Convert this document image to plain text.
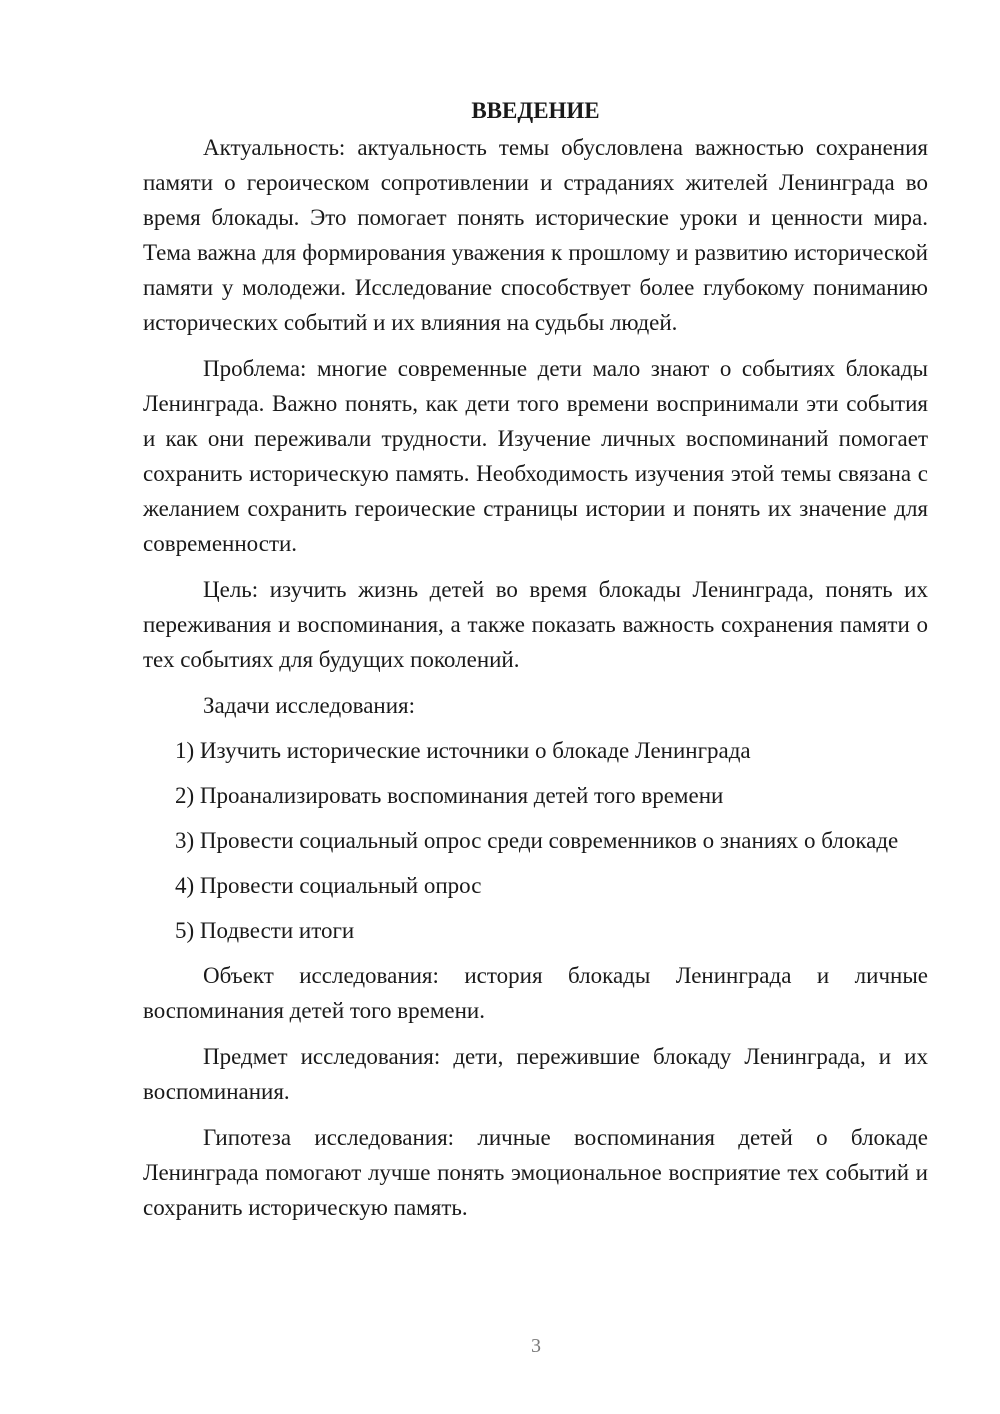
ВВЕДЕНИЕ

Актуальность: актуальность темы обусловлена важностью сохранения памяти о героическом сопротивлении и страданиях жителей Ленинграда во время блокады. Это помогает понять исторические уроки и ценности мира. Тема важна для формирования уважения к прошлому и развитию исторической памяти у молодежи. Исследование способствует более глубокому пониманию исторических событий и их влияния на судьбы людей.

Проблема: многие современные дети мало знают о событиях блокады Ленинграда. Важно понять, как дети того времени воспринимали эти события и как они переживали трудности. Изучение личных воспоминаний помогает сохранить историческую память. Необходимость изучения этой темы связана с желанием сохранить героические страницы истории и понять их значение для современности.

Цель: изучить жизнь детей во время блокады Ленинграда, понять их переживания и воспоминания, а также показать важность сохранения памяти о тех событиях для будущих поколений.

Задачи исследования:

1) Изучить исторические источники о блокаде Ленинграда

2) Проанализировать воспоминания детей того времени

3) Провести социальный опрос среди современников о знаниях о блокаде

4) Провести социальный опрос

5) Подвести итоги

Объект исследования: история блокады Ленинграда и личные воспоминания детей того времени.

Предмет исследования: дети, пережившие блокаду Ленинграда, и их воспоминания.

Гипотеза исследования: личные воспоминания детей о блокаде Ленинграда помогают лучше понять эмоциональное восприятие тех событий и сохранить историческую память.

3
